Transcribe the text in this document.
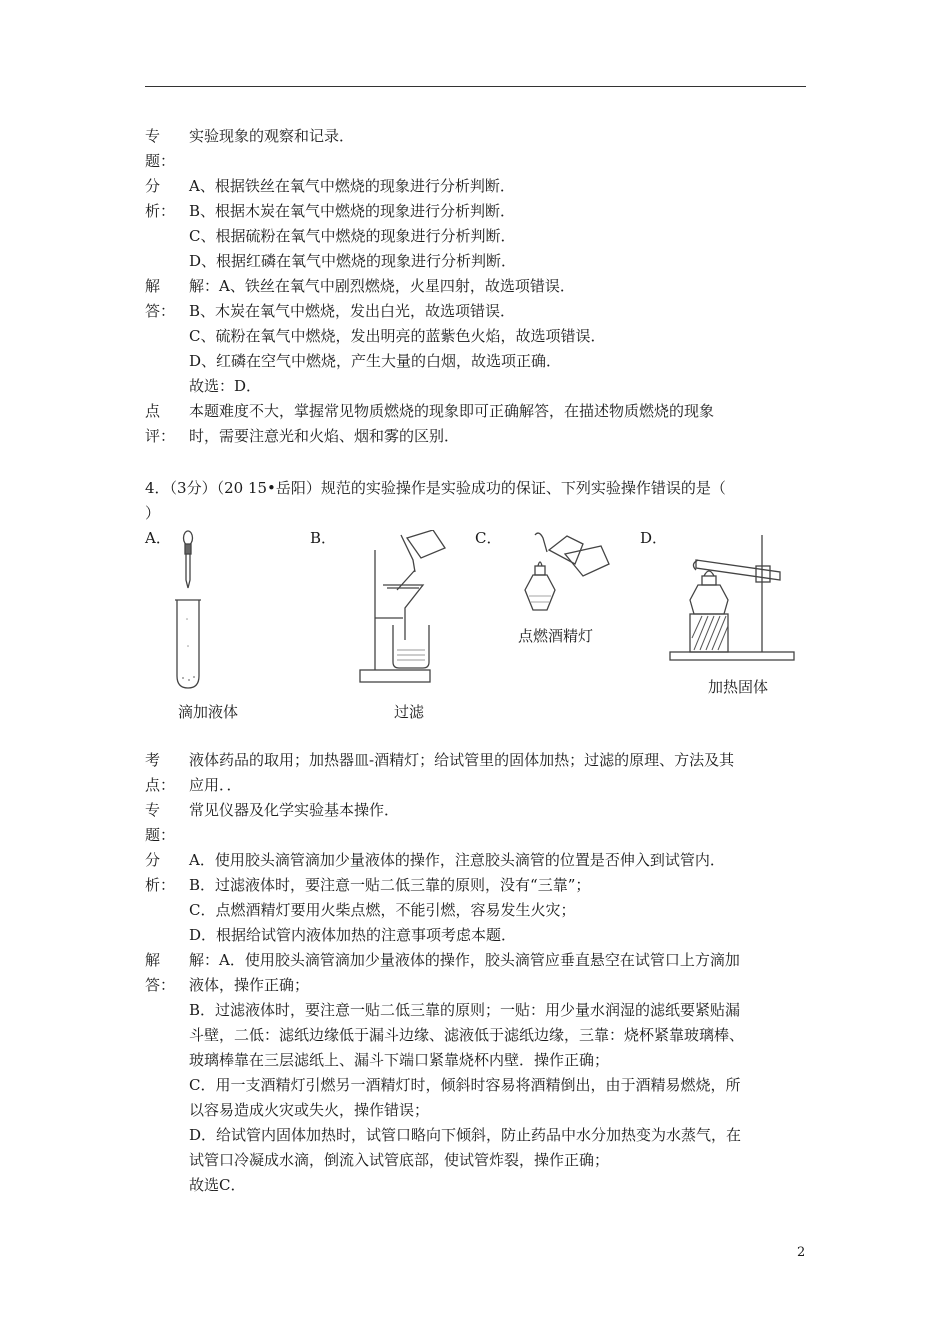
专	实验现象的观察和记录．
题：

分
析：
A、根据铁丝在氧气中燃烧的现象进行分析判断．
B、根据木炭在氧气中燃烧的现象进行分析判断．
C、根据硫粉在氧气中燃烧的现象进行分析判断．
D、根据红磷在氧气中燃烧的现象进行分析判断．
解
答：
解：A、铁丝在氧气中剧烈燃烧，火星四射，故选项错误．
B、木炭在氧气中燃烧，发出白光，故选项错误．
C、硫粉在氧气中燃烧，发出明亮的蓝紫色火焰，故选项错误．
D、红磷在空气中燃烧，产生大量的白烟，故选项正确．
故选：D．
点
评：
本题难度不大，掌握常见物质燃烧的现象即可正确解答，在描述物质燃烧的现象
时，需要注意光和火焰、烟和雾的区别．
4．（3分）（20 15•岳阳）规范的实验操作是实验成功的保证、下列实验操作错误的是（
）
A．	B．	C．	D．
点燃酒精灯
加热固体
滴加液体	过滤
考
点：
液体药品的取用；加热器皿-酒精灯；给试管里的固体加热；过滤的原理、方法及其
应用．．
专
题：
常见仪器及化学实验基本操作．

分
析：
A．使用胶头滴管滴加少量液体的操作，注意胶头滴管的位置是否伸入到试管内．
B．过滤液体时，要注意一贴二低三靠的原则，没有“三靠”；
C．点燃酒精灯要用火柴点燃，不能引燃，容易发生火灾；
D．根据给试管内液体加热的注意事项考虑本题．
解
答：
解：A．使用胶头滴管滴加少量液体的操作，胶头滴管应垂直悬空在试管口上方滴加
液体，操作正确；
B．过滤液体时，要注意一贴二低三靠的原则；一贴：用少量水润湿的滤纸要紧贴漏
斗壁，二低：滤纸边缘低于漏斗边缘、滤液低于滤纸边缘，三靠：烧杯紧靠玻璃棒、
玻璃棒靠在三层滤纸上、漏斗下端口紧靠烧杯内壁．操作正确；
C．用一支酒精灯引燃另一酒精灯时，倾斜时容易将酒精倒出，由于酒精易燃烧，所
以容易造成火灾或失火，操作错误；
D．给试管内固体加热时，试管口略向下倾斜，防止药品中水分加热变为水蒸气，在
试管口冷凝成水滴，倒流入试管底部，使试管炸裂，操作正确；
故选C．
2
